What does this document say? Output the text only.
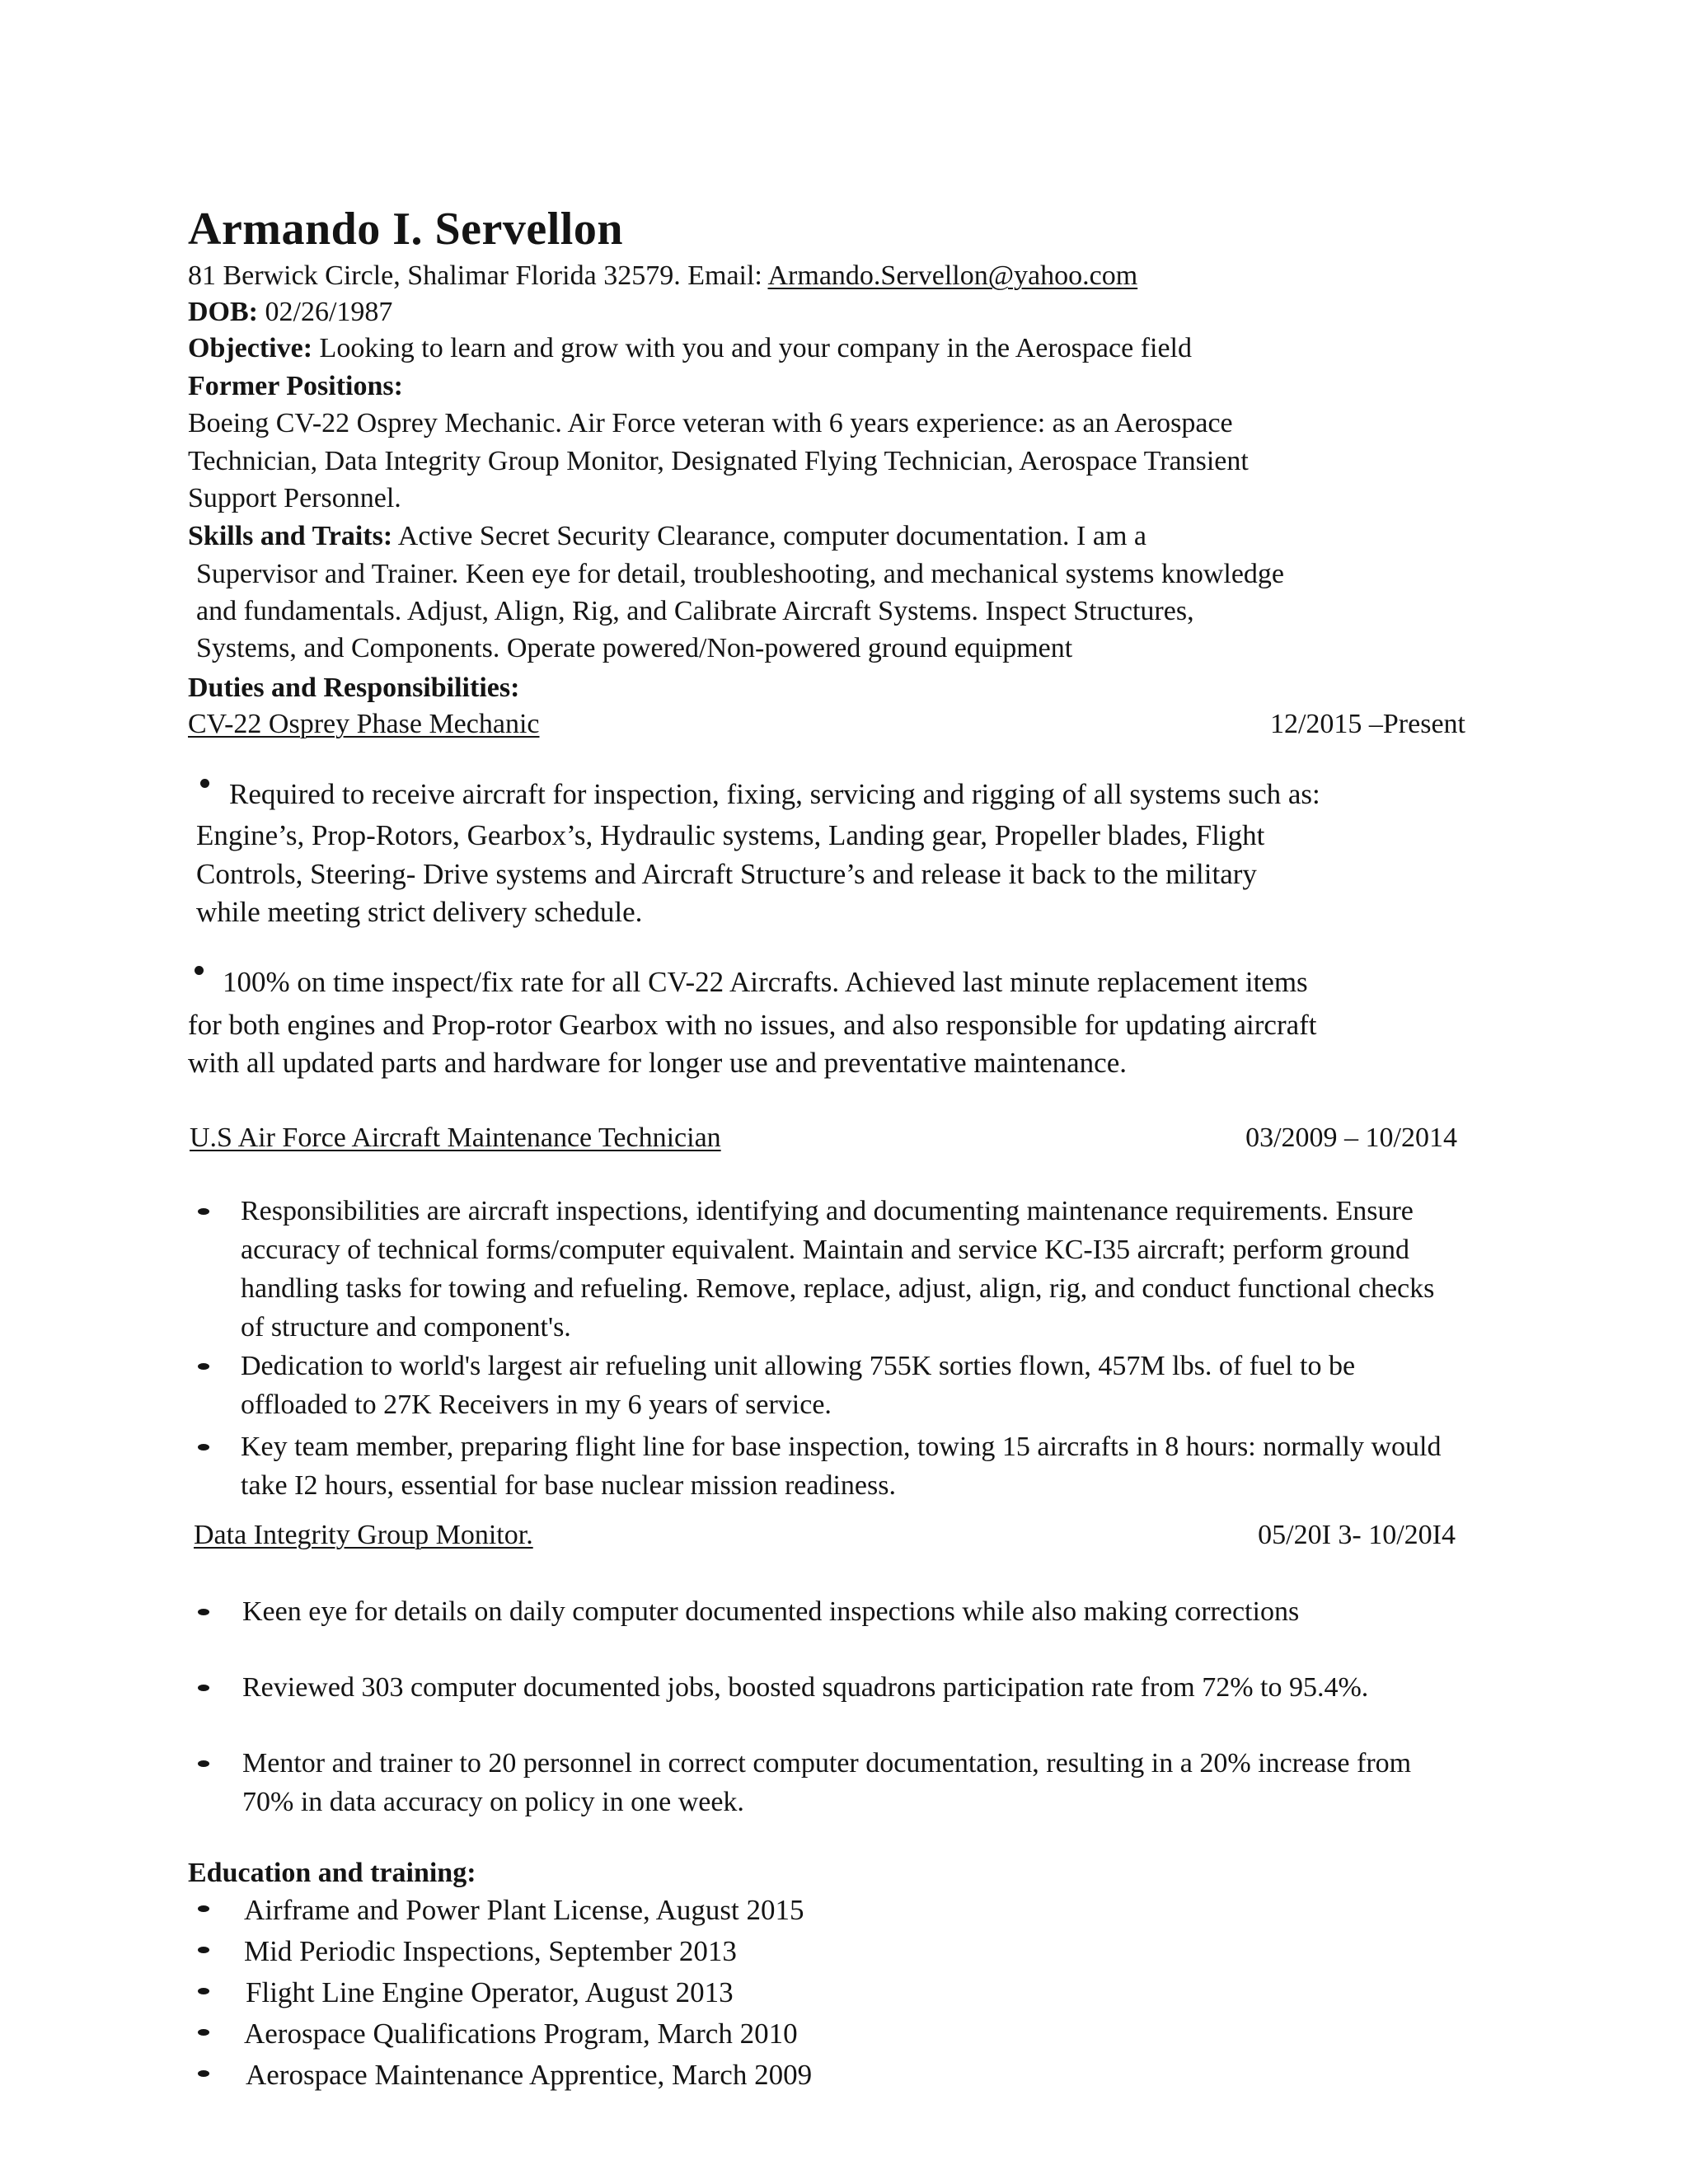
Armando I. Servellon
81 Berwick Circle, Shalimar Florida 32579. Email: Armando.Servellon@yahoo.com
DOB: 02/26/1987
Objective: Looking to learn and grow with you and your company in the Aerospace field
Former Positions:
Boeing CV-22 Osprey Mechanic. Air Force veteran with 6 years experience: as an Aerospace
Technician, Data Integrity Group Monitor, Designated Flying Technician, Aerospace Transient
Support Personnel.
Skills and Traits: Active Secret Security Clearance, computer documentation. I am a
Supervisor and Trainer. Keen eye for detail, troubleshooting, and mechanical systems knowledge
and fundamentals. Adjust, Align, Rig, and Calibrate Aircraft Systems. Inspect Structures,
Systems, and Components. Operate powered/Non-powered ground equipment
Duties and Responsibilities:
CV-22 Osprey Phase Mechanic	12/2015 –Present
Required to receive aircraft for inspection, fixing, servicing and rigging of all systems such as:
Engine’s, Prop-Rotors, Gearbox’s, Hydraulic systems, Landing gear, Propeller blades, Flight
Controls, Steering- Drive systems and Aircraft Structure’s and release it back to the military
while meeting strict delivery schedule.
100% on time inspect/fix rate for all CV-22 Aircrafts. Achieved last minute replacement items
for both engines and Prop-rotor Gearbox with no issues, and also responsible for updating aircraft
with all updated parts and hardware for longer use and preventative maintenance.
U.S Air Force Aircraft Maintenance Technician	03/2009 – 10/2014
Responsibilities are aircraft inspections, identifying and documenting maintenance requirements. Ensure accuracy of technical forms/computer equivalent. Maintain and service KC-I35 aircraft; perform ground handling tasks for towing and refueling. Remove, replace, adjust, align, rig, and conduct functional checks of structure and component's.
Dedication to world's largest air refueling unit allowing 755K sorties flown, 457M lbs. of fuel to be offloaded to 27K Receivers in my 6 years of service.
Key team member, preparing flight line for base inspection, towing 15 aircrafts in 8 hours: normally would take I2 hours, essential for base nuclear mission readiness.
Data Integrity Group Monitor.	05/20I 3- 10/20I4
Keen eye for details on daily computer documented inspections while also making corrections
Reviewed 303 computer documented jobs, boosted squadrons participation rate from 72% to 95.4%.
Mentor and trainer to 20 personnel in correct computer documentation, resulting in a 20% increase from 70% in data accuracy on policy in one week.
Education and training:
Airframe and Power Plant License, August 2015
Mid Periodic Inspections, September 2013
Flight Line Engine Operator, August 2013
Aerospace Qualifications Program, March 2010
Aerospace Maintenance Apprentice, March 2009
